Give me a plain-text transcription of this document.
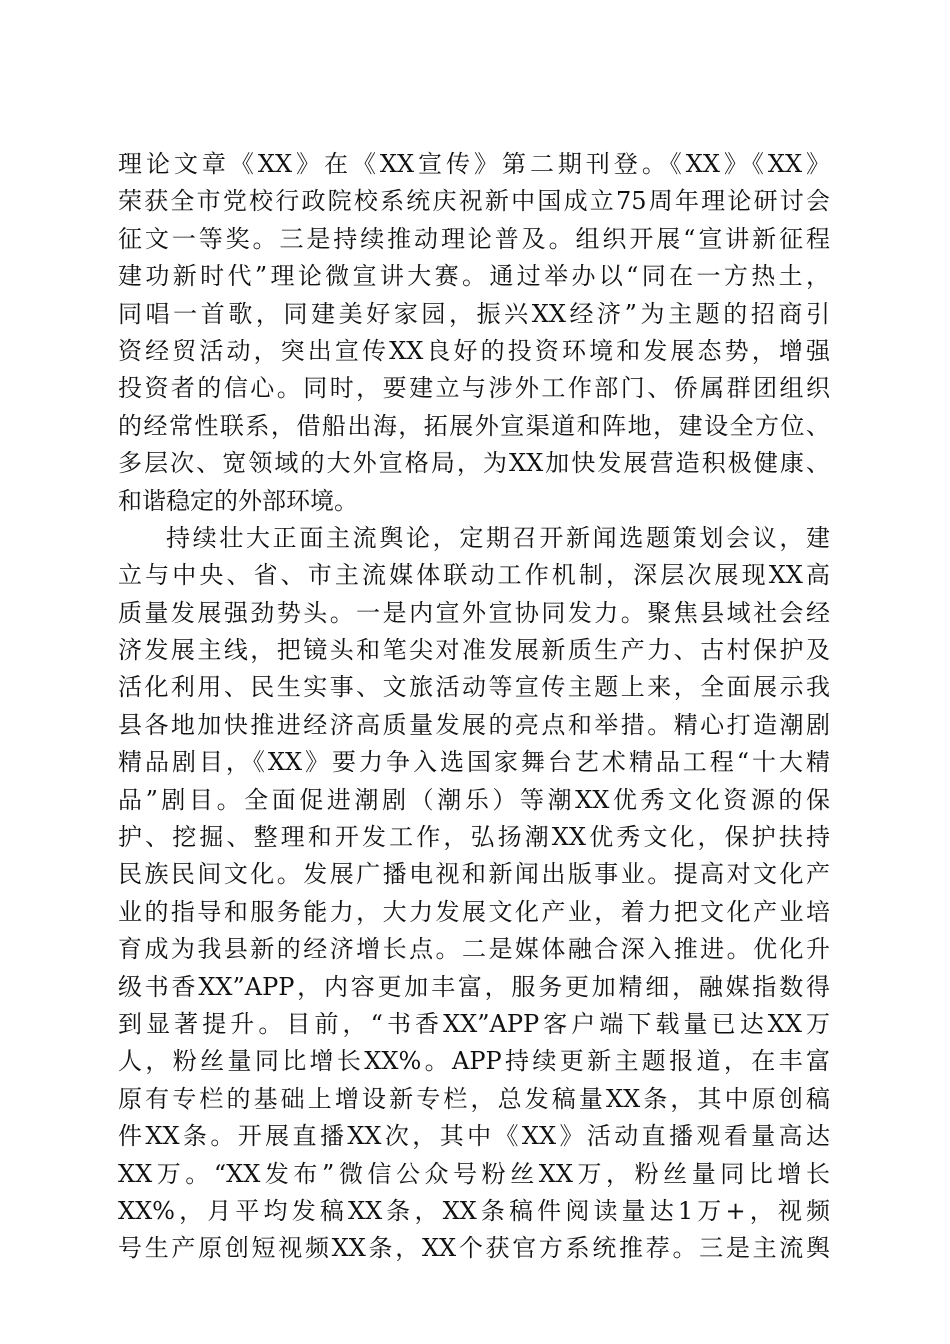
理论文章《XX》在《XX宣传》第二期刊登。《XX》《XX》
荣获全市党校行政院校系统庆祝新中国成立75周年理论研讨会
征文一等奖。三是持续推动理论普及。组织开展“宣讲新征程
建功新时代”理论微宣讲大赛。通过举办以“同在一方热土，
同唱一首歌，同建美好家园，振兴XX经济”为主题的招商引
资经贸活动，突出宣传XX良好的投资环境和发展态势，增强
投资者的信心。同时，要建立与涉外工作部门、侨属群团组织
的经常性联系，借船出海，拓展外宣渠道和阵地，建设全方位、
多层次、宽领域的大外宣格局，为XX加快发展营造积极健康、
和谐稳定的外部环境。
持续壮大正面主流舆论，定期召开新闻选题策划会议，建
立与中央、省、市主流媒体联动工作机制，深层次展现XX高
质量发展强劲势头。一是内宣外宣协同发力。聚焦县域社会经
济发展主线，把镜头和笔尖对准发展新质生产力、古村保护及
活化利用、民生实事、文旅活动等宣传主题上来，全面展示我
县各地加快推进经济高质量发展的亮点和举措。精心打造潮剧
精品剧目，《XX》要力争入选国家舞台艺术精品工程“十大精
品”剧目。全面促进潮剧（潮乐）等潮XX优秀文化资源的保
护、挖掘、整理和开发工作，弘扬潮XX优秀文化，保护扶持
民族民间文化。发展广播电视和新闻出版事业。提高对文化产
业的指导和服务能力，大力发展文化产业，着力把文化产业培
育成为我县新的经济增长点。二是媒体融合深入推进。优化升
级书香XX”APP，内容更加丰富，服务更加精细，融媒指数得
到显著提升。目前，“书香XX”APP客户端下载量已达XX万
人，粉丝量同比增长XX%。APP持续更新主题报道，在丰富
原有专栏的基础上增设新专栏，总发稿量XX条，其中原创稿
件XX条。开展直播XX次，其中《XX》活动直播观看量高达
XX万。“XX发布”微信公众号粉丝XX万，粉丝量同比增长
XX%，月平均发稿XX条，XX条稿件阅读量达1万+，视频
号生产原创短视频XX条，XX个获官方系统推荐。三是主流舆
